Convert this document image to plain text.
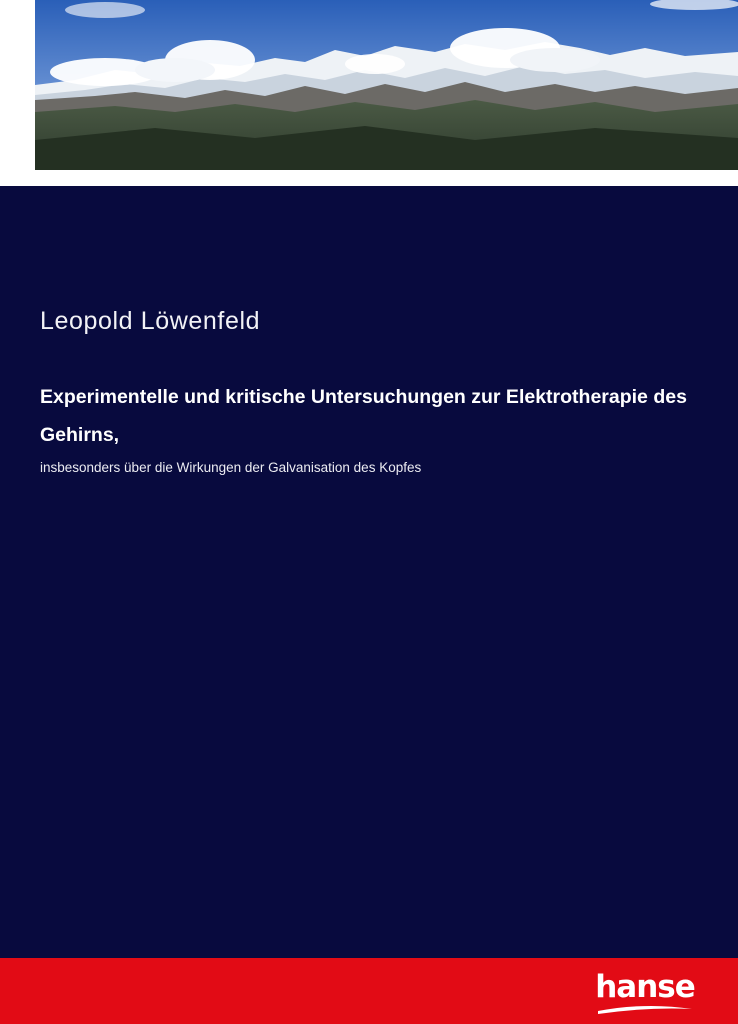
Leopold Löwenfeld
Experimentelle und kritische Untersuchungen zur Elektrotherapie des Gehirns,
insbesonders über die Wirkungen der Galvanisation des Kopfes
hanse
